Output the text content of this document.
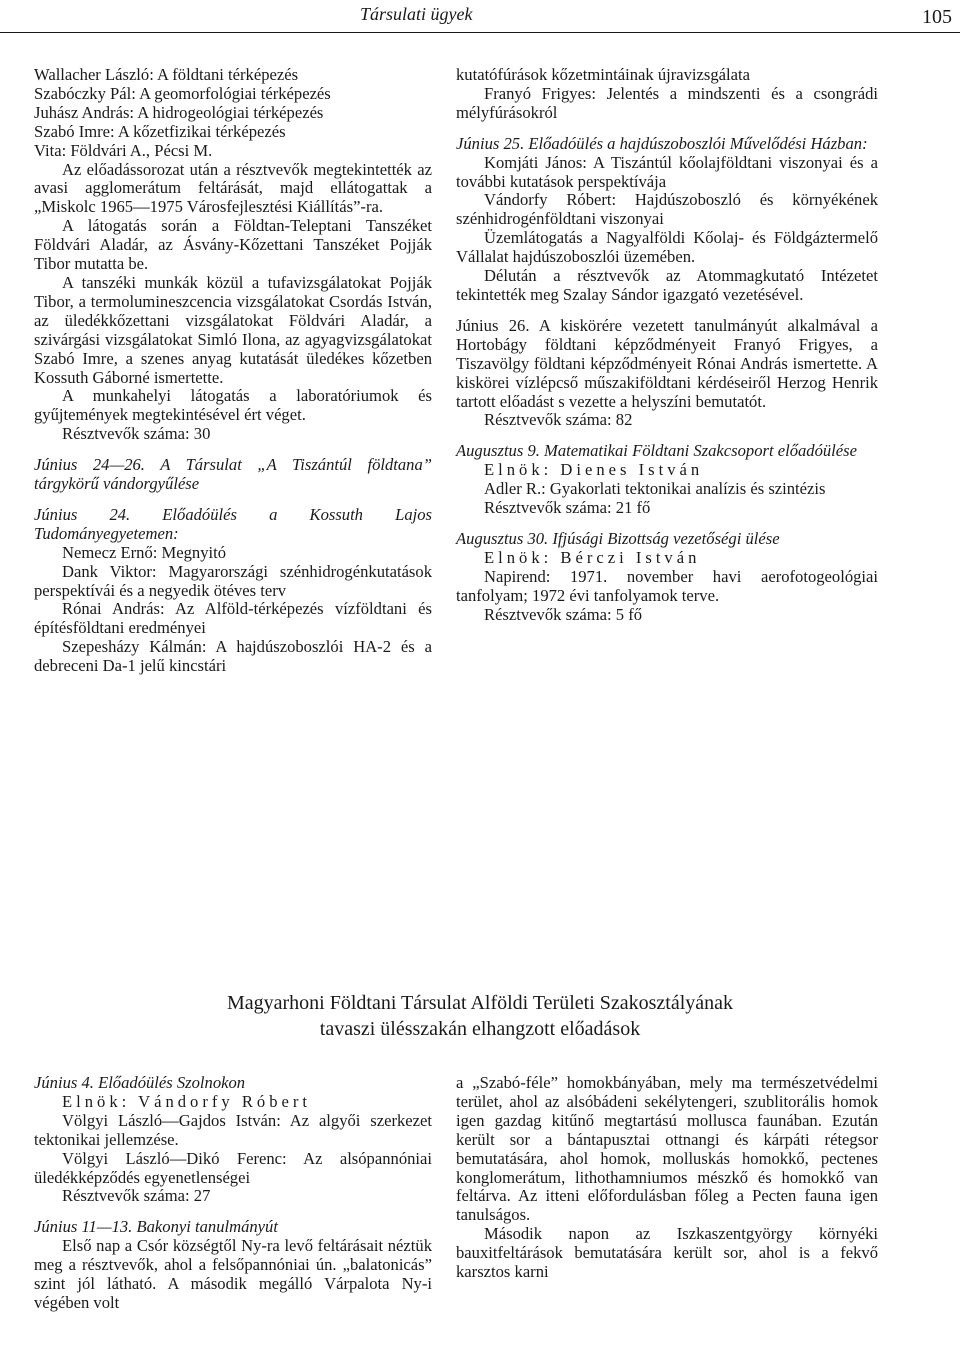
Társulati ügyek	105

Wallacher László: A földtani térképezés

Szabóczky Pál: A geomorfológiai térképezés

Juhász András: A hidrogeológiai térképezés

Szabó Imre: A kőzetfizikai térképezés

Vita: Földvári A., Pécsi M.

Az előadássorozat után a résztvevők megtekintették az avasi agglomerátum feltárását, majd ellátogattak a „Miskolc 1965—1975 Városfejlesztési Kiállítás”-ra.

A látogatás során a Földtan-Teleptani Tanszéket Földvári Aladár, az Ásvány-Kőzettani Tanszéket Pojják Tibor mutatta be.

A tanszéki munkák közül a tufavizsgálatokat Pojják Tibor, a termolumineszcencia vizsgálatokat Csordás István, az üledékkőzettani vizsgálatokat Földvári Aladár, a szivárgási vizsgálatokat Simló Ilona, az agyagvizsgálatokat Szabó Imre, a szenes anyag kutatását üledékes kőzetben Kossuth Gáborné ismertette.

A munkahelyi látogatás a laboratóriumok és gyűjtemények megtekintésével ért véget.

Résztvevők száma: 30

Június 24—26. A Társulat „A Tiszántúl földtana” tárgykörű vándorgyűlése

Június 24. Előadóülés a Kossuth Lajos Tudományegyetemen:

Nemecz Ernő: Megnyitó

Dank Viktor: Magyarországi szénhidrogénkutatások perspektívái és a negyedik ötéves terv

Rónai András: Az Alföld-térképezés vízföldtani és építésföldtani eredményei

Szepesházy Kálmán: A hajdúszoboszlói HA-2 és a debreceni Da-1 jelű kincstári

kutatófúrások kőzetmintáinak újravizsgálata

Franyó Frigyes: Jelentés a mindszenti és a csongrádi mélyfúrásokról

Június 25. Előadóülés a hajdúszoboszlói Művelődési Házban:

Komjáti János: A Tiszántúl kőolajföldtani viszonyai és a további kutatások perspektívája

Vándorfy Róbert: Hajdúszoboszló és környékének szénhidrogénföldtani viszonyai

Üzemlátogatás a Nagyalföldi Kőolaj- és Földgáztermelő Vállalat hajdúszoboszlói üzemében.

Délután a résztvevők az Atommagkutató Intézetet tekintették meg Szalay Sándor igazgató vezetésével.

Június 26. A kiskörére vezetett tanulmányút alkalmával a Hortobágy földtani képződményeit Franyó Frigyes, a Tiszavölgy földtani képződményeit Rónai András ismertette. A kiskörei vízlépcső műszakiföldtani kérdéseiről Herzog Henrik tartott előadást s vezette a helyszíni bemutatót.

Résztvevők száma: 82

Augusztus 9. Matematikai Földtani Szakcsoport előadóülése

Elnök: Dienes István

Adler R.: Gyakorlati tektonikai analízis és szintézis

Résztvevők száma: 21 fő

Augusztus 30. Ifjúsági Bizottság vezetőségi ülése

Elnök: Bérczi István

Napirend: 1971. november havi aerofotogeológiai tanfolyam; 1972 évi tanfolyamok terve.

Résztvevők száma: 5 fő

Magyarhoni Földtani Társulat Alföldi Területi Szakosztályának
tavaszi ülésszakán elhangzott előadások

Június 4. Előadóülés Szolnokon

Elnök: Vándorfy Róbert

Völgyi László—Gajdos István: Az algyői szerkezet tektonikai jellemzése.

Völgyi László—Dikó Ferenc: Az alsópannóniai üledékképződés egyenetlenségei

Résztvevők száma: 27

Június 11—13. Bakonyi tanulmányút

Első nap a Csór községtől Ny-ra levő feltárásait néztük meg a résztvevők, ahol a felsőpannóniai ún. „balatonicás” szint jól látható. A második megálló Várpalota Ny-i végében volt

a „Szabó-féle” homokbányában, mely ma természetvédelmi terület, ahol az alsóbádeni sekélytengeri, szublitorális homok igen gazdag kitűnő megtartású mollusca faunában. Ezután került sor a bántapusztai ottnangi és kárpáti rétegsor bemutatására, ahol homok, molluskás homokkő, pectenes konglomerátum, lithothamniumos mészkő és homokkő van feltárva. Az itteni előfordulásban főleg a Pecten fauna igen tanulságos.

Második napon az Iszkaszentgyörgy környéki bauxitfeltárások bemutatására került sor, ahol is a fekvő karsztos karni
